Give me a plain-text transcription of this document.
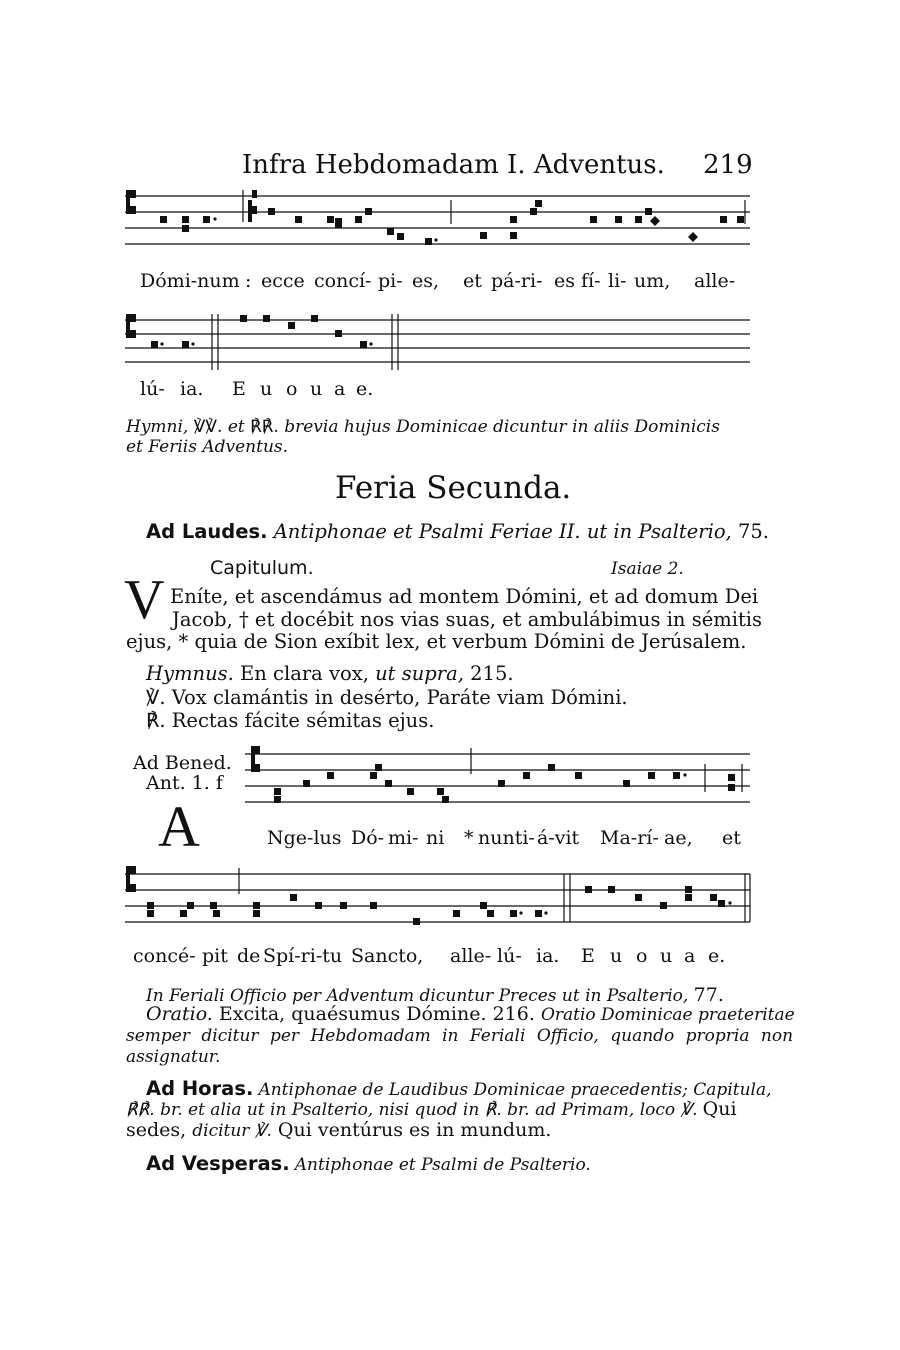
Infra Hebdomadam I. Adventus. 219
Dómi-num : ecce concí- pi- es, et pá-ri- es fí- li- um, alle-
lú- ia. E u o u a e.
Hymni, ℣℣. et ℟℟. brevia hujus Dominicae dicuntur in aliis Dominicis
et Feriis Adventus.
Feria Secunda.
Ad Laudes. Antiphonae et Psalmi Feriae II. ut in Psalterio, 75.
Capitulum.	Isaiae 2.
V Eníte, et ascendámus ad montem Dómini, et ad domum Dei
Jacob, † et docébit nos vias suas, et ambulábimus in sémitis
ejus, * quia de Sion exíbit lex, et verbum Dómini de Jerúsalem.
Hymnus. En clara vox, ut supra, 215.
℣. Vox clamántis in desérto, Paráte viam Dómini.
℟. Rectas fácite sémitas ejus.
Ad Bened.
Ant. 1. f
A	Nge-lus Dó- mi- ni * nunti- á-vit Ma-rí- ae, et
concé- pit de Spí-ri-tu Sancto, alle- lú- ia. E u o u a e.
In Feriali Officio per Adventum dicuntur Preces ut in Psalterio, 77.
Oratio. Excita, quaésumus Dómine. 216. Oratio Dominicae praeteritae
semper dicitur per Hebdomadam in Feriali Officio, quando propria non
assignatur.
Ad Horas. Antiphonae de Laudibus Dominicae praecedentis; Capitula,
℟℟. br. et alia ut in Psalterio, nisi quod in ℟. br. ad Primam, loco ℣. Qui
sedes, dicitur ℣. Qui ventúrus es in mundum.
Ad Vesperas. Antiphonae et Psalmi de Psalterio.
